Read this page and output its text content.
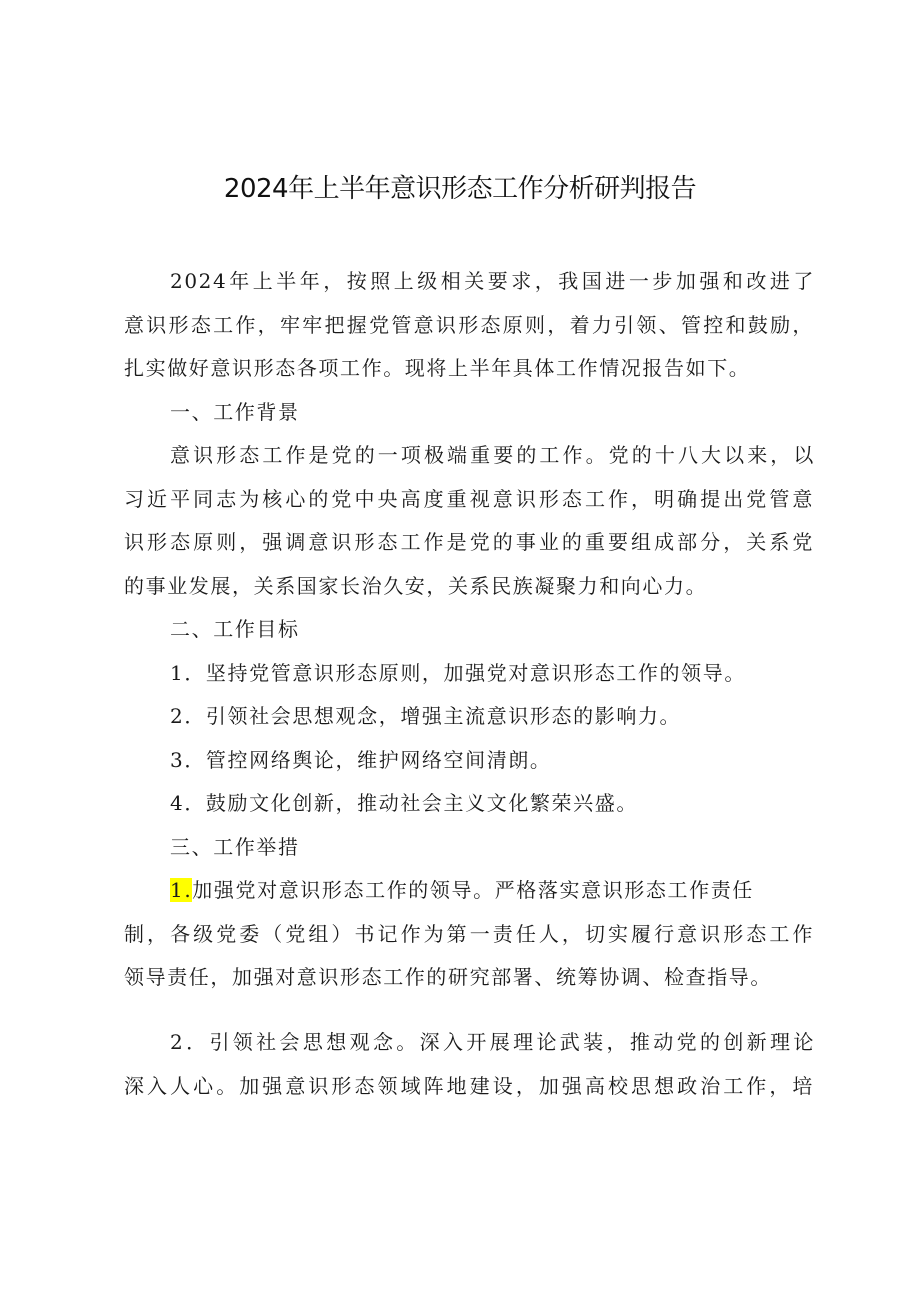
2024年上半年意识形态工作分析研判报告
2024年上半年，按照上级相关要求，我国进一步加强和改进了
意识形态工作，牢牢把握党管意识形态原则，着力引领、管控和鼓励，
扎实做好意识形态各项工作。现将上半年具体工作情况报告如下。
一、工作背景
意识形态工作是党的一项极端重要的工作。党的十八大以来，以
习近平同志为核心的党中央高度重视意识形态工作，明确提出党管意
识形态原则，强调意识形态工作是党的事业的重要组成部分，关系党
的事业发展，关系国家长治久安，关系民族凝聚力和向心力。
二、工作目标
1．坚持党管意识形态原则，加强党对意识形态工作的领导。
2．引领社会思想观念，增强主流意识形态的影响力。
3．管控网络舆论，维护网络空间清朗。
4．鼓励文化创新，推动社会主义文化繁荣兴盛。
三、工作举措
1.加强党对意识形态工作的领导。严格落实意识形态工作责任
制，各级党委（党组）书记作为第一责任人，切实履行意识形态工作
领导责任，加强对意识形态工作的研究部署、统筹协调、检查指导。
2．引领社会思想观念。深入开展理论武装，推动党的创新理论
深入人心。加强意识形态领域阵地建设，加强高校思想政治工作，培
